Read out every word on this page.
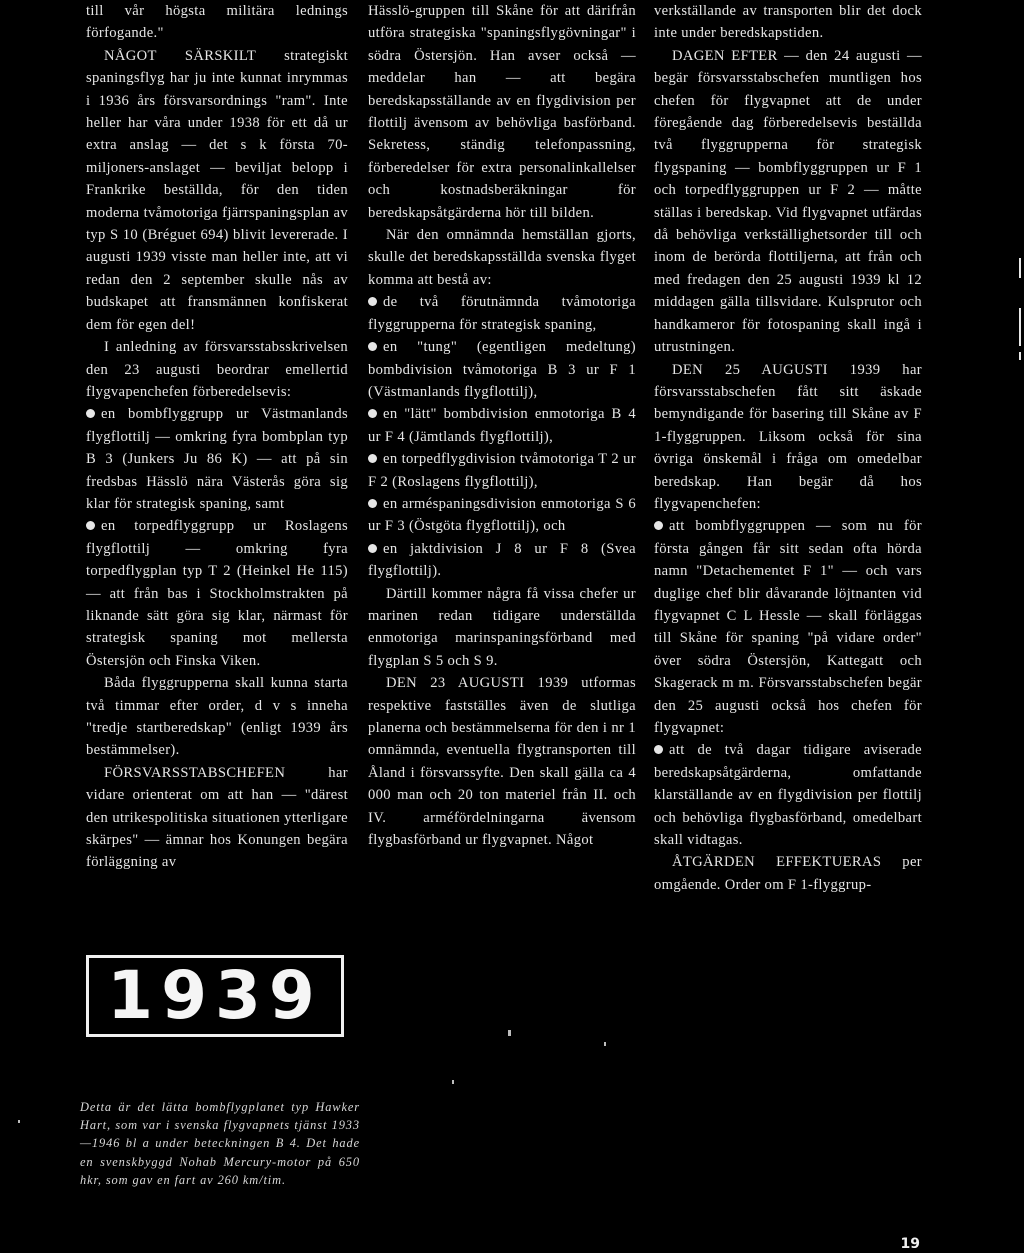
till vår högsta militära lednings förfogande."

NÅGOT SÄRSKILT strategiskt spaningsflyg har ju inte kunnat inrymmas i 1936 års försvarsordnings "ram". Inte heller har våra under 1938 för ett då ur extra anslag — det s k första 70-miljoners-anslaget — beviljat belopp i Frankrike beställda, för den tiden moderna tvåmotoriga fjärrspaningsplan av typ S 10 (Bréguet 694) blivit levererade. I augusti 1939 visste man heller inte, att vi redan den 2 september skulle nås av budskapet att fransmännen konfiskerat dem för egen del!

I anledning av försvarsstabsskrivelsen den 23 augusti beordrar emellertid flygvapenchefen förberedelsevis:

en bombflyggrupp ur Västmanlands flygflottilj — omkring fyra bombplan typ B 3 (Junkers Ju 86 K) — att på sin fredsbas Hässlö nära Västerås göra sig klar för strategisk spaning, samt

en torpedflyggrupp ur Roslagens flygflottilj — omkring fyra torpedflygplan typ T 2 (Heinkel He 115) — att från bas i Stockholmstrakten på liknande sätt göra sig klar, närmast för strategisk spaning mot mellersta Östersjön och Finska Viken.

Båda flyggrupperna skall kunna starta två timmar efter order, d v s inneha "tredje startberedskap" (enligt 1939 års bestämmelser).

FÖRSVARSSTABSCHEFEN har vidare orienterat om att han — "därest den utrikespolitiska situationen ytterligare skärpes" — ämnar hos Konungen begära förläggning av

Hässlö-gruppen till Skåne för att därifrån utföra strategiska "spaningsflygövningar" i södra Östersjön. Han avser också — meddelar han — att begära beredskapsställande av en flygdivision per flottilj ävensom av behövliga basförband. Sekretess, ständig telefonpassning, förberedelser för extra personalinkallelser och kostnadsberäkningar för beredskapsåtgärderna hör till bilden.

När den omnämnda hemställan gjorts, skulle det beredskapsställda svenska flyget komma att bestå av:

de två förutnämnda tvåmotoriga flyggrupperna för strategisk spaning,

en "tung" (egentligen medeltung) bombdivision tvåmotoriga B 3 ur F 1 (Västmanlands flygflottilj),

en "lätt" bombdivision enmotoriga B 4 ur F 4 (Jämtlands flygflottilj),

en torpedflygdivision tvåmotoriga T 2 ur F 2 (Roslagens flygflottilj),

en arméspaningsdivision enmotoriga S 6 ur F 3 (Östgöta flygflottilj), och

en jaktdivision J 8 ur F 8 (Svea flygflottilj).

Därtill kommer några få vissa chefer ur marinen redan tidigare underställda enmotoriga marinspaningsförband med flygplan S 5 och S 9.

DEN 23 AUGUSTI 1939 utformas respektive fastställes även de slutliga planerna och bestämmelserna för den i nr 1 omnämnda, eventuella flygtransporten till Åland i försvarssyfte. Den skall gälla ca 4 000 man och 20 ton materiel från II. och IV. arméfördelningarna ävensom flygbasförband ur flygvapnet. Något

verkställande av transporten blir det dock inte under beredskapstiden.

DAGEN EFTER — den 24 augusti — begär försvarsstabschefen muntligen hos chefen för flygvapnet att de under föregående dag förberedelsevis beställda två flyggrupperna för strategisk flygspaning — bombflyggruppen ur F 1 och torpedflyggruppen ur F 2 — måtte ställas i beredskap. Vid flygvapnet utfärdas då behövliga verkställighetsorder till och inom de berörda flottiljerna, att från och med fredagen den 25 augusti 1939 kl 12 middagen gälla tillsvidare. Kulsprutor och handkameror för fotospaning skall ingå i utrustningen.

DEN 25 AUGUSTI 1939 har försvarsstabschefen fått sitt äskade bemyndigande för basering till Skåne av F 1-flyggruppen. Liksom också för sina övriga önskemål i fråga om omedelbar beredskap. Han begär då hos flygvapenchefen:

att bombflyggruppen — som nu för första gången får sitt sedan ofta hörda namn "Detachementet F 1" — och vars duglige chef blir dåvarande löjtnanten vid flygvapnet C L Hessle — skall förläggas till Skåne för spaning "på vidare order" över södra Östersjön, Kattegatt och Skagerack m m. Försvarsstabschefen begär den 25 augusti också hos chefen för flygvapnet:

att de två dagar tidigare aviserade beredskapsåtgärderna, omfattande klarställande av en flygdivision per flottilj och behövliga flygbasförband, omedelbart skall vidtagas.

ÅTGÄRDEN EFFEKTUERAS per omgående. Order om F 1-flyggrup-

1939
Detta är det lätta bombflygplanet typ Hawker Hart, som var i svenska flygvapnets tjänst 1933—1946 bl a under beteckningen B 4. Det hade en svenskbyggd Nohab Mercury-motor på 650 hkr, som gav en fart av 260 km/tim.
19
